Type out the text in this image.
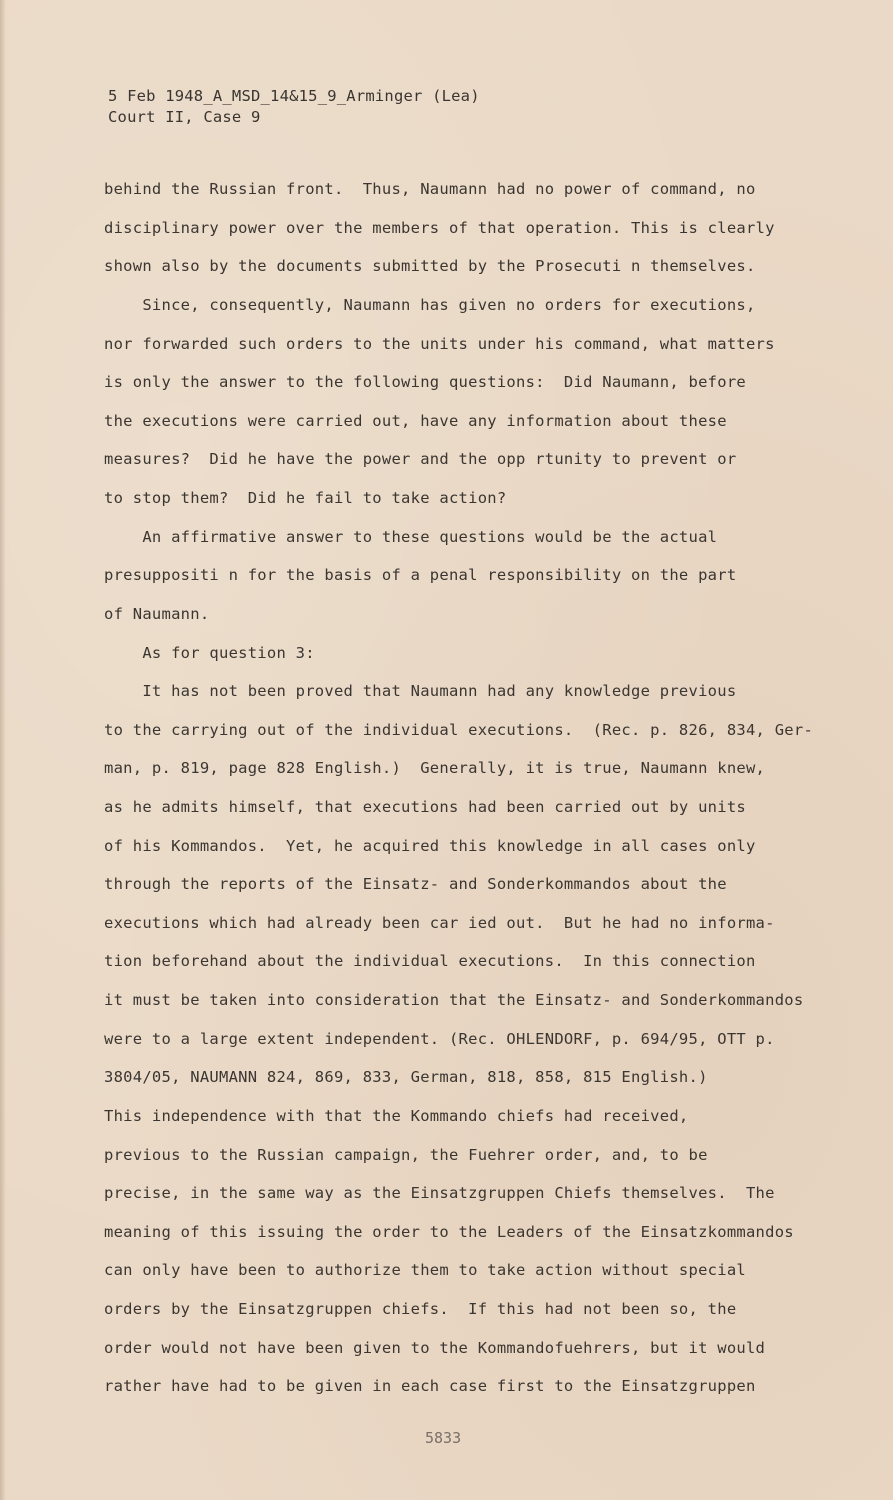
5 Feb 1948_A_MSD_14&15_9_Arminger (Lea)
Court II, Case 9
behind the Russian front.  Thus, Naumann had no power of command, no
disciplinary power over the members of that operation. This is clearly
shown also by the documents submitted by the Prosecuti n themselves.
Since, consequently, Naumann has given no orders for executions,
nor forwarded such orders to the units under his command, what matters
is only the answer to the following questions:  Did Naumann, before
the executions were carried out, have any information about these
measures?  Did he have the power and the opp rtunity to prevent or
to stop them?  Did he fail to take action?
An affirmative answer to these questions would be the actual
presuppositi n for the basis of a penal responsibility on the part
of Naumann.
As for question 3:
It has not been proved that Naumann had any knowledge previous
to the carrying out of the individual executions.  (Rec. p. 826, 834, Ger-
man, p. 819, page 828 English.)  Generally, it is true, Naumann knew,
as he admits himself, that executions had been carried out by units
of his Kommandos.  Yet, he acquired this knowledge in all cases only
through the reports of the Einsatz- and Sonderkommandos about the
executions which had already been car ied out.  But he had no informa-
tion beforehand about the individual executions.  In this connection
it must be taken into consideration that the Einsatz- and Sonderkommandos
were to a large extent independent. (Rec. OHLENDORF, p. 694/95, OTT p.
3804/05, NAUMANN 824, 869, 833, German, 818, 858, 815 English.)
This independence with that the Kommando chiefs had received,
previous to the Russian campaign, the Fuehrer order, and, to be
precise, in the same way as the Einsatzgruppen Chiefs themselves.  The
meaning of this issuing the order to the Leaders of the Einsatzkommandos
can only have been to authorize them to take action without special
orders by the Einsatzgruppen chiefs.  If this had not been so, the
order would not have been given to the Kommandofuehrers, but it would
rather have had to be given in each case first to the Einsatzgruppen
5833
